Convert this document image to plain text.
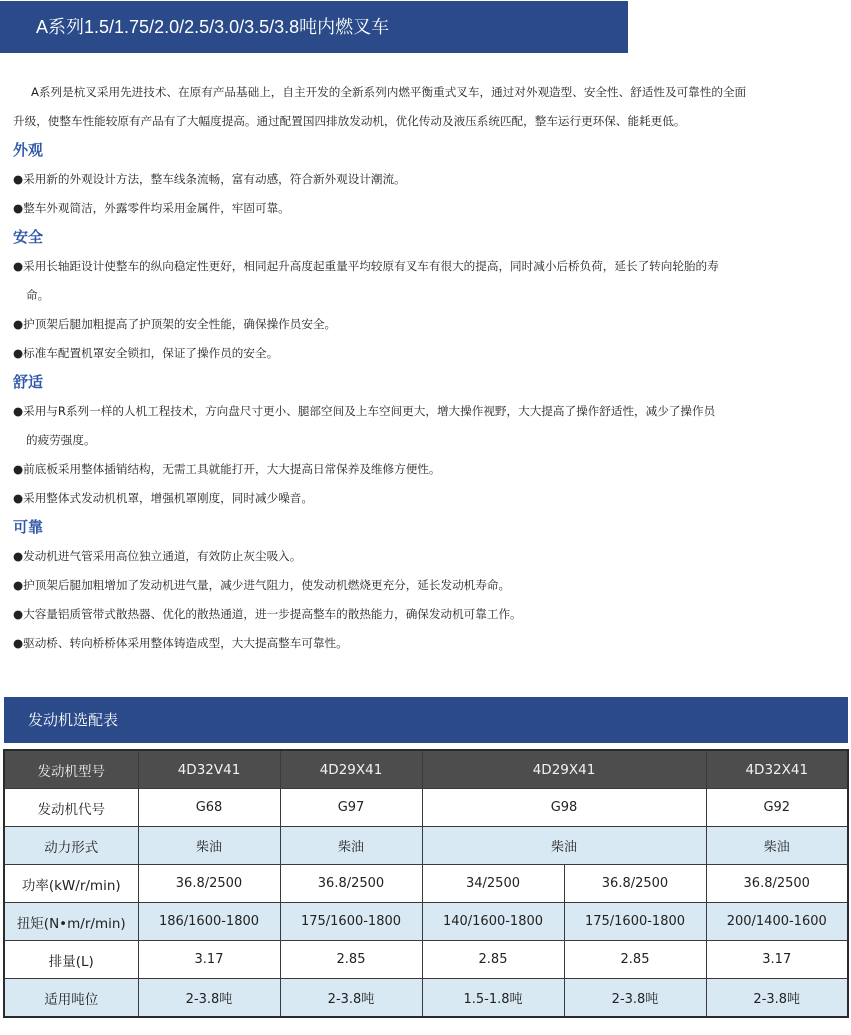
A系列1.5/1.75/2.0/2.5/3.0/3.5/3.8吨内燃叉车
A系列是杭叉采用先进技术、在原有产品基础上，自主开发的全新系列内燃平衡重式叉车，通过对外观造型、安全性、舒适性及可靠性的全面
升级，使整车性能较原有产品有了大幅度提高。通过配置国四排放发动机，优化传动及液压系统匹配，整车运行更环保、能耗更低。
外观
●采用新的外观设计方法，整车线条流畅，富有动感，符合新外观设计潮流。
●整车外观简洁，外露零件均采用金属件，牢固可靠。
安全
●采用长轴距设计使整车的纵向稳定性更好，相同起升高度起重量平均较原有叉车有很大的提高，同时减小后桥负荷，延长了转向轮胎的寿
命。
●护顶架后腿加粗提高了护顶架的安全性能，确保操作员安全。
●标准车配置机罩安全锁扣，保证了操作员的安全。
舒适
●采用与R系列一样的人机工程技术，方向盘尺寸更小、腿部空间及上车空间更大，增大操作视野，大大提高了操作舒适性，减少了操作员
的疲劳强度。
●前底板采用整体插销结构，无需工具就能打开，大大提高日常保养及维修方便性。
●采用整体式发动机机罩，增强机罩刚度，同时减少噪音。
可靠
●发动机进气管采用高位独立通道，有效防止灰尘吸入。
●护顶架后腿加粗增加了发动机进气量，减少进气阻力，使发动机燃烧更充分，延长发动机寿命。
●大容量铝质管带式散热器、优化的散热通道，进一步提高整车的散热能力，确保发动机可靠工作。
●驱动桥、转向桥桥体采用整体铸造成型，大大提高整车可靠性。
发动机选配表
发动机型号	4D32V41	4D29X41	4D29X41		4D32X41
发动机代号	G68	G97	G98		G92
动力形式	柴油	柴油	柴油		柴油
功率(kW/r/min)	36.8/2500	36.8/2500	34/2500	36.8/2500	36.8/2500
扭矩(N•m/r/min)	186/1600-1800	175/1600-1800	140/1600-1800	175/1600-1800	200/1400-1600
排量(L)	3.17	2.85	2.85	2.85	3.17
适用吨位	2-3.8吨	2-3.8吨	1.5-1.8吨	2-3.8吨	2-3.8吨
